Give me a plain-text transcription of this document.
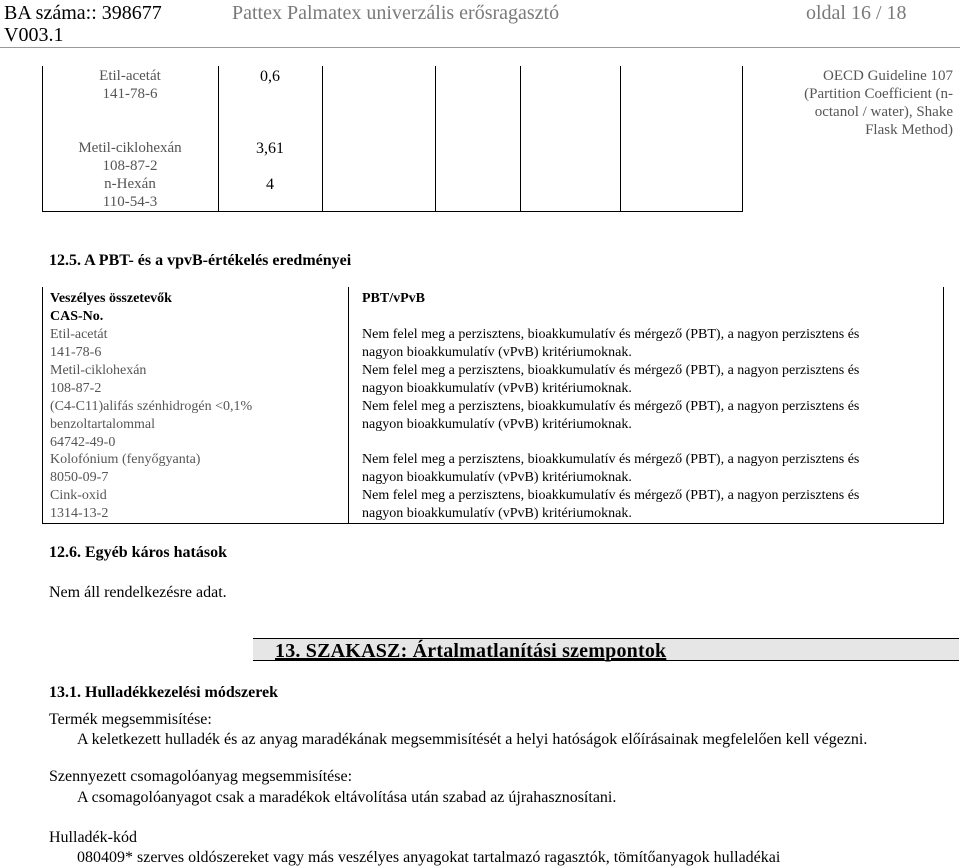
BA száma:: 398677
V003.1
Pattex Palmatex univerzális erősragasztó	oldal 16 / 18
Etil-acetát
141-78-6
0,6
Metil-ciklohexán
108-87-2
3,61
n-Hexán
110-54-3
4
OECD Guideline 107
(Partition Coefficient (n-
octanol / water), Shake
Flask Method)
12.5. A PBT- és a vpvB-értékelés eredményei
Veszélyes összetevők
CAS-No.
PBT/vPvB
Etil-acetát
141-78-6
Nem felel meg a perzisztens, bioakkumulatív és mérgező (PBT), a nagyon perzisztens és
nagyon bioakkumulatív (vPvB) kritériumoknak.
Metil-ciklohexán
108-87-2
Nem felel meg a perzisztens, bioakkumulatív és mérgező (PBT), a nagyon perzisztens és
nagyon bioakkumulatív (vPvB) kritériumoknak.
(C4-C11)alifás szénhidrogén <0,1%
benzoltartalommal
64742-49-0
Nem felel meg a perzisztens, bioakkumulatív és mérgező (PBT), a nagyon perzisztens és
nagyon bioakkumulatív (vPvB) kritériumoknak.
Kolofónium (fenyőgyanta)
8050-09-7
Nem felel meg a perzisztens, bioakkumulatív és mérgező (PBT), a nagyon perzisztens és
nagyon bioakkumulatív (vPvB) kritériumoknak.
Cink-oxid
1314-13-2
Nem felel meg a perzisztens, bioakkumulatív és mérgező (PBT), a nagyon perzisztens és
nagyon bioakkumulatív (vPvB) kritériumoknak.
12.6. Egyéb káros hatások
Nem áll rendelkezésre adat.
13. SZAKASZ: Ártalmatlanítási szempontok
13.1. Hulladékkezelési módszerek
Termék megsemmisítése:
A keletkezett hulladék és az anyag maradékának megsemmisítését a helyi hatóságok előírásainak megfelelően kell végezni.
Szennyezett csomagolóanyag megsemmisítése:
A csomagolóanyagot csak a maradékok eltávolítása után szabad az újrahasznosítani.
Hulladék-kód
080409* szerves oldószereket vagy más veszélyes anyagokat tartalmazó ragasztók, tömítőanyagok hulladékai
